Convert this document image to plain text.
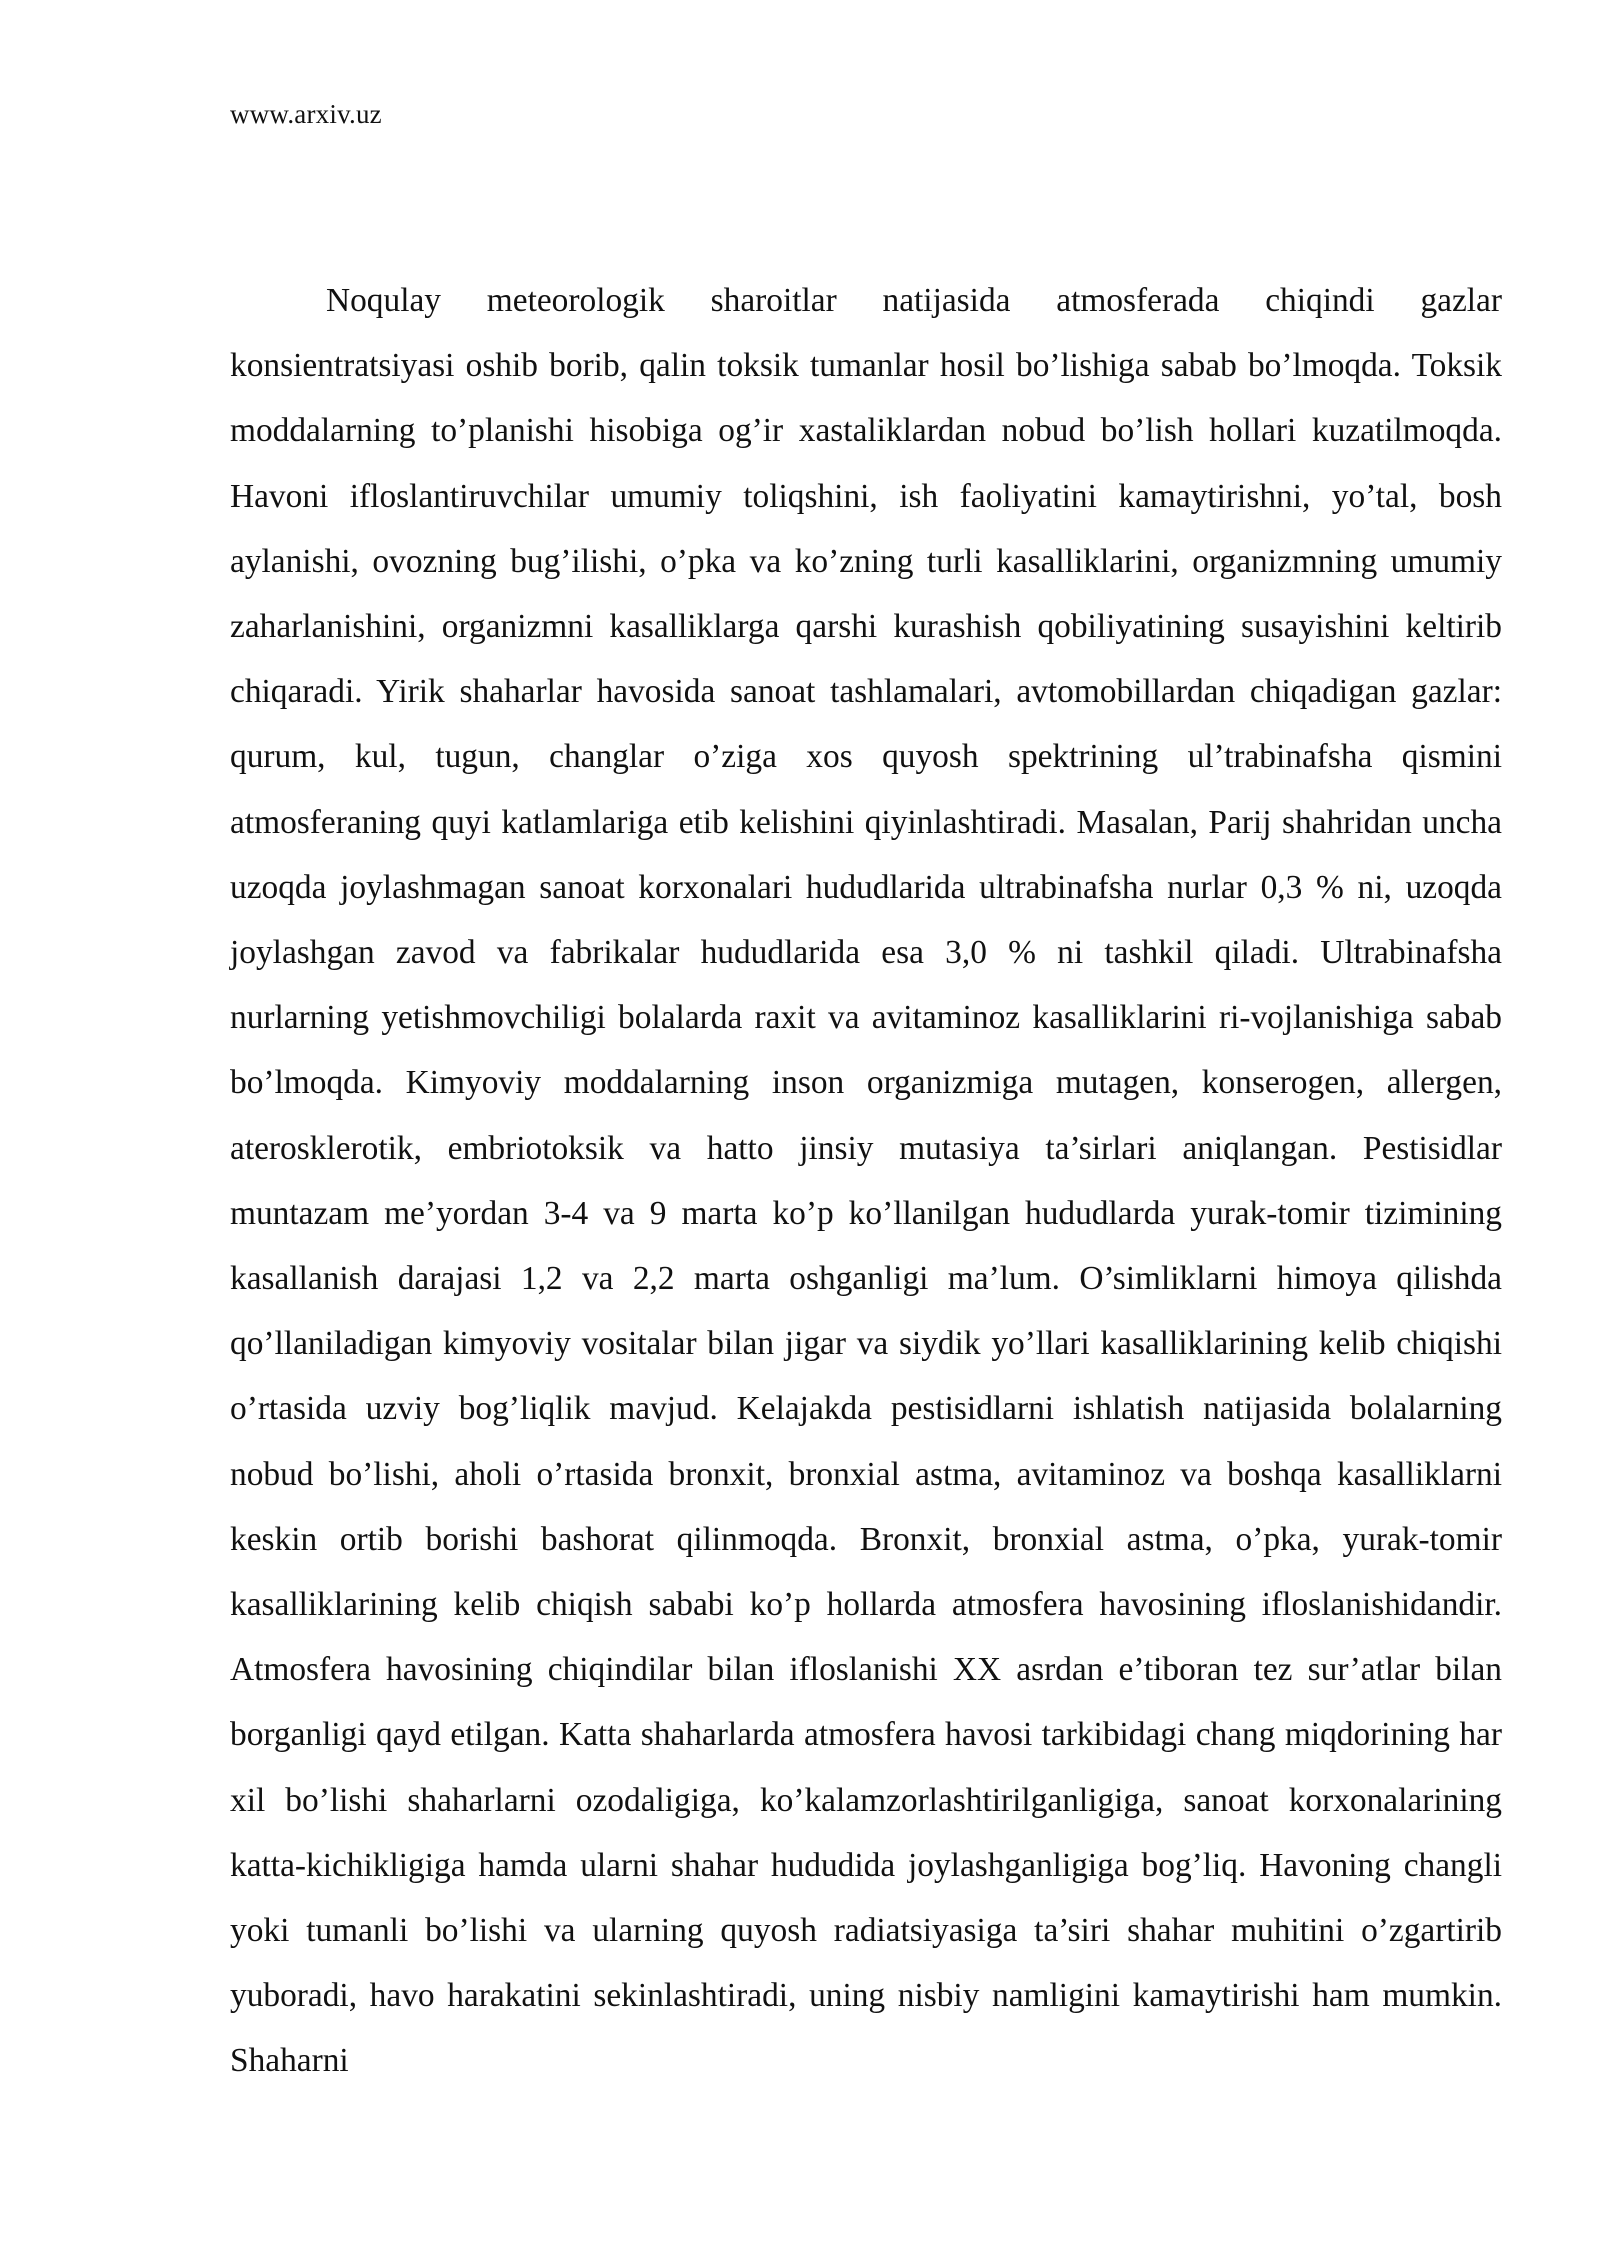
www.arxiv.uz
Noqulay meteorologik sharoitlar natijasida atmosferada chiqindi gazlar konsientratsiyasi oshib borib, qalin toksik tumanlar hosil bo’lishiga sabab bo’lmoqda. Toksik moddalarning to’planishi hisobiga og’ir xastaliklardan nobud bo’lish hollari kuzatilmoqda. Havoni ifloslantiruvchilar umumiy toliqshini, ish faoliyatini kamaytirishni, yo’tal, bosh aylanishi, ovozning bug’ilishi, o’pka va ko’zning turli kasalliklarini, organizmning umumiy zaharlanishini, organizmni kasalliklarga qarshi kurashish qobiliyatining susayishini keltirib chiqaradi. Yirik shaharlar havosida sanoat tashlamalari, avtomobillardan chiqadigan gazlar: qurum, kul, tugun, changlar o’ziga xos quyosh spektrining ul’trabinafsha qismini atmosferaning quyi katlamlariga etib kelishini qiyinlashtiradi. Masalan, Parij shahridan uncha uzoqda joylashmagan sanoat korxonalari hududlarida ultrabinafsha nurlar 0,3 % ni, uzoqda joylashgan zavod va fabrikalar hududlarida esa 3,0 % ni tashkil qiladi. Ultrabinafsha nurlarning yetishmovchiligi bolalarda raxit va avitaminoz kasalliklarini ri-vojlanishiga sabab bo’lmoqda. Kimyoviy moddalarning inson organizmiga mutagen, konserogen, allergen, aterosklerotik, embriotoksik va hatto jinsiy mutasiya ta’sirlari aniqlangan. Pestisidlar muntazam me’yordan 3-4 va 9 marta ko’p ko’llanilgan hududlarda yurak-tomir tizimining kasallanish darajasi 1,2 va 2,2 marta oshganligi ma’lum. O’simliklarni himoya qilishda qo’llaniladigan kimyoviy vositalar bilan jigar va siydik yo’llari kasalliklarining kelib chiqishi o’rtasida uzviy bog’liqlik mavjud. Kelajakda pestisidlarni ishlatish natijasida bolalarning nobud bo’lishi, aholi o’rtasida bronxit, bronxial astma, avitaminoz va boshqa kasalliklarni keskin ortib borishi bashorat qilinmoqda. Bronxit, bronxial astma, o’pka, yurak-tomir kasalliklarining kelib chiqish sababi ko’p hollarda atmosfera havosining ifloslanishidandir. Atmosfera havosining chiqindilar bilan ifloslanishi XX asrdan e’tiboran tez sur’atlar bilan borganligi qayd etilgan. Katta shaharlarda atmosfera havosi tarkibidagi chang miqdorining har xil bo’lishi shaharlarni ozodaligiga, ko’kalamzorlashtirilganligiga, sanoat korxonalarining katta-kichikligiga hamda ularni shahar hududida joylashganligiga bog’liq. Havoning changli yoki tumanli bo’lishi va ularning quyosh radiatsiyasiga ta’siri shahar muhitini o’zgartirib yuboradi, havo harakatini sekinlashtiradi, uning nisbiy namligini kamaytirishi ham mumkin. Shaharni
